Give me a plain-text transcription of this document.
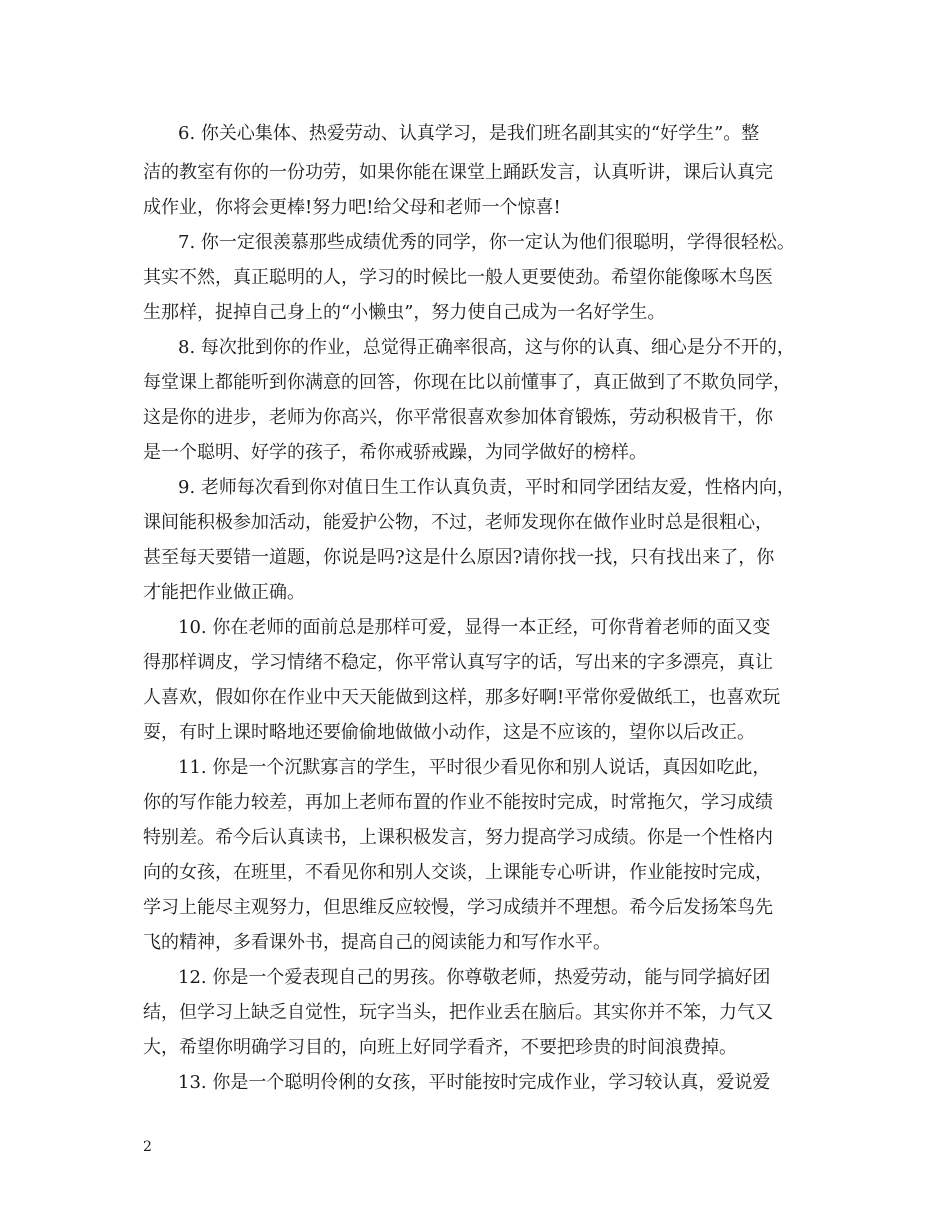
6. 你关心集体、热爱劳动、认真学习，是我们班名副其实的“好学生”。整
洁的教室有你的一份功劳，如果你能在课堂上踊跃发言，认真听讲，课后认真完
成作业，你将会更棒!努力吧!给父母和老师一个惊喜!
7. 你一定很羡慕那些成绩优秀的同学，你一定认为他们很聪明，学得很轻松。
其实不然，真正聪明的人，学习的时候比一般人更要使劲。希望你能像啄木鸟医
生那样，捉掉自己身上的“小懒虫”，努力使自己成为一名好学生。
8. 每次批到你的作业，总觉得正确率很高，这与你的认真、细心是分不开的，
每堂课上都能听到你满意的回答，你现在比以前懂事了，真正做到了不欺负同学，
这是你的进步，老师为你高兴，你平常很喜欢参加体育锻炼，劳动积极肯干，你
是一个聪明、好学的孩子，希你戒骄戒躁，为同学做好的榜样。
9. 老师每次看到你对值日生工作认真负责，平时和同学团结友爱，性格内向，
课间能积极参加活动，能爱护公物，不过，老师发现你在做作业时总是很粗心，
甚至每天要错一道题，你说是吗?这是什么原因?请你找一找，只有找出来了，你
才能把作业做正确。
10. 你在老师的面前总是那样可爱，显得一本正经，可你背着老师的面又变
得那样调皮，学习情绪不稳定，你平常认真写字的话，写出来的字多漂亮，真让
人喜欢，假如你在作业中天天能做到这样，那多好啊!平常你爱做纸工，也喜欢玩
耍，有时上课时略地还要偷偷地做做小动作，这是不应该的，望你以后改正。
11. 你是一个沉默寡言的学生，平时很少看见你和别人说话，真因如吃此，
你的写作能力较差，再加上老师布置的作业不能按时完成，时常拖欠，学习成绩
特别差。希今后认真读书，上课积极发言，努力提高学习成绩。你是一个性格内
向的女孩，在班里，不看见你和别人交谈，上课能专心听讲，作业能按时完成，
学习上能尽主观努力，但思维反应较慢，学习成绩并不理想。希今后发扬笨鸟先
飞的精神，多看课外书，提高自己的阅读能力和写作水平。
12. 你是一个爱表现自己的男孩。你尊敬老师，热爱劳动，能与同学搞好团
结，但学习上缺乏自觉性，玩字当头，把作业丢在脑后。其实你并不笨，力气又
大，希望你明确学习目的，向班上好同学看齐，不要把珍贵的时间浪费掉。
13. 你是一个聪明伶俐的女孩，平时能按时完成作业，学习较认真，爱说爱
2
